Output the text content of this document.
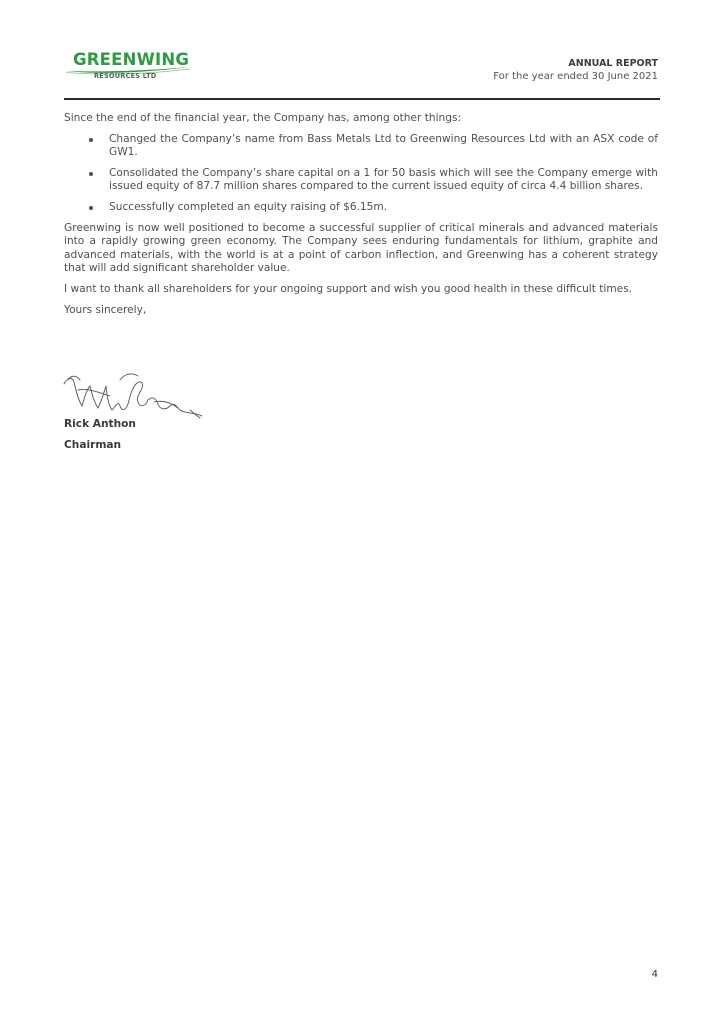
GREENWING
RESOURCES LTD
ANNUAL REPORT
For the year ended 30 June 2021

Since the end of the financial year, the Company has, among other things:

Changed the Company’s name from Bass Metals Ltd to Greenwing Resources Ltd with an ASX code of GW1.
Consolidated the Company’s share capital on a 1 for 50 basis which will see the Company emerge with issued equity of 87.7 million shares compared to the current issued equity of circa 4.4 billion shares.
Successfully completed an equity raising of $6.15m.

Greenwing is now well positioned to become a successful supplier of critical minerals and advanced materials into a rapidly growing green economy. The Company sees enduring fundamentals for lithium, graphite and advanced materials, with the world is at a point of carbon inflection, and Greenwing has a coherent strategy that will add significant shareholder value.

I want to thank all shareholders for your ongoing support and wish you good health in these difficult times.

Yours sincerely,

Rick Anthon
Chairman
4
